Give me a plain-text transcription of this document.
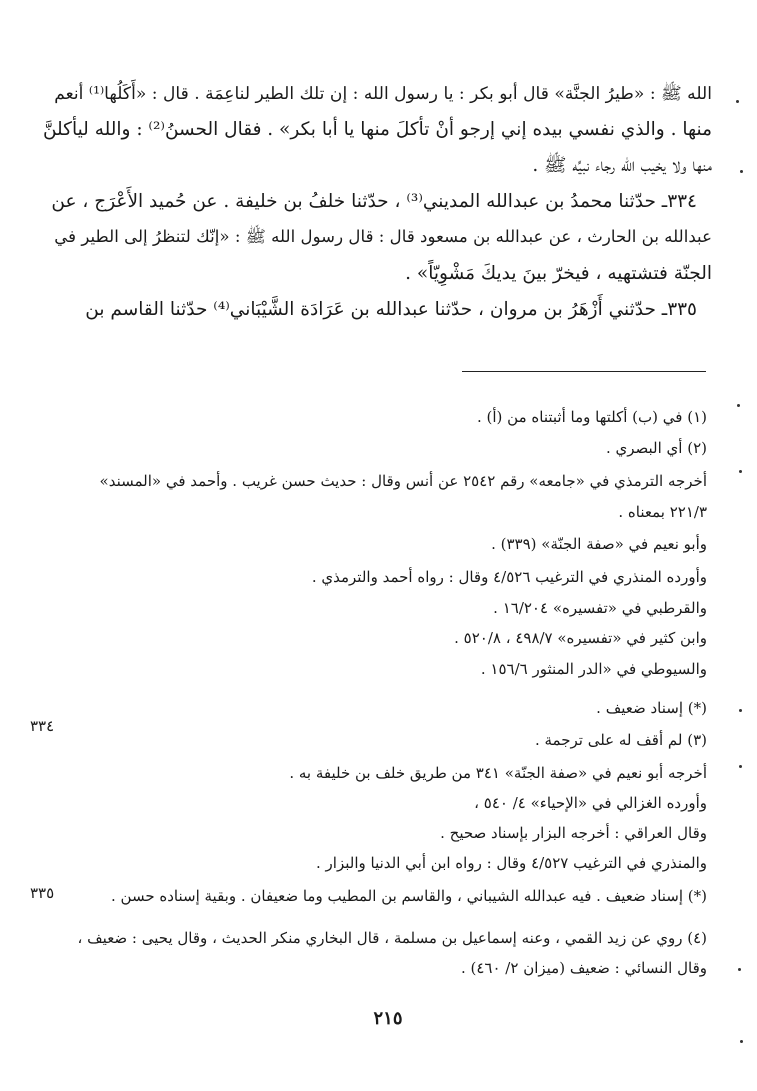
الله ﷺ : «طيرُ الجنَّة» قال أبو بكر : يا رسول الله : إن تلك الطير لناعِمَة . قال : «أَكَلُها⁽¹⁾ أنعم
منها . والذي نفسي بيده إني إرجو أنْ تأكلَ منها يا أبا بكر» . فقال الحسنُ⁽²⁾ : والله ليأكلنَّ
منها ولا يخيب الله رجاء نبيِّه ﷺ .
٣٣٤ـ حدّثنا محمدُ بن عبدالله المديني⁽³⁾ ، حدّثنا خلفُ بن خليفة . عن حُميد الأَعْرَج ، عن
عبدالله بن الحارث ، عن عبدالله بن مسعود قال : قال رسول الله ﷺ : «إنّك لتنظرُ إلى الطير في
الجنّة فتشتهيه ، فيخرّ بينَ يديكَ مَشْوِيّاً» .
٣٣٥ـ حدّثني أَزْهَرُ بن مروان ، حدّثنا عبدالله بن عَرَادَة الشَّيْبَاني⁽⁴⁾ حدّثنا القاسم بن
(١) في (ب) أكلتها وما أثبتناه من (أ) .
(٢) أي البصري .
أخرجه الترمذي في «جامعه» رقم ٢٥٤٢ عن أنس وقال : حديث حسن غريب . وأحمد في «المسند»
٢٢١/٣ بمعناه .
وأبو نعيم في «صفة الجنّة» (٣٣٩) .
وأورده المنذري في الترغيب ٤/٥٢٦ وقال : رواه أحمد والترمذي .
والقرطبي في «تفسيره» ١٦/٢٠٤ .
وابن كثير في «تفسيره» ٤٩٨/٧ ، ٥٢٠/٨ .
والسيوطي في «الدر المنثور ١٥٦/٦ .
(*) إسناد ضعيف .
(٣) لم أقف له على ترجمة .
أخرجه أبو نعيم في «صفة الجنّة» ٣٤١ من طريق خلف بن خليفة به .
وأورده الغزالي في «الإحياء» ٤/ ٥٤٠ ،
وقال العراقي : أخرجه البزار بإسناد صحيح .
والمنذري في الترغيب ٤/٥٢٧ وقال : رواه ابن أبي الدنيا والبزار .
(*) إسناد ضعيف . فيه عبدالله الشيباني ، والقاسم بن المطيب وما ضعيفان . وبقية إسناده حسن .
(٤) روي عن زيد القمي ، وعنه إسماعيل بن مسلمة ، قال البخاري منكر الحديث ، وقال يحيى : ضعيف ،
وقال النسائي : ضعيف (ميزان ٢/ ٤٦٠) .
٣٣٤
٣٣٥
٢١٥
